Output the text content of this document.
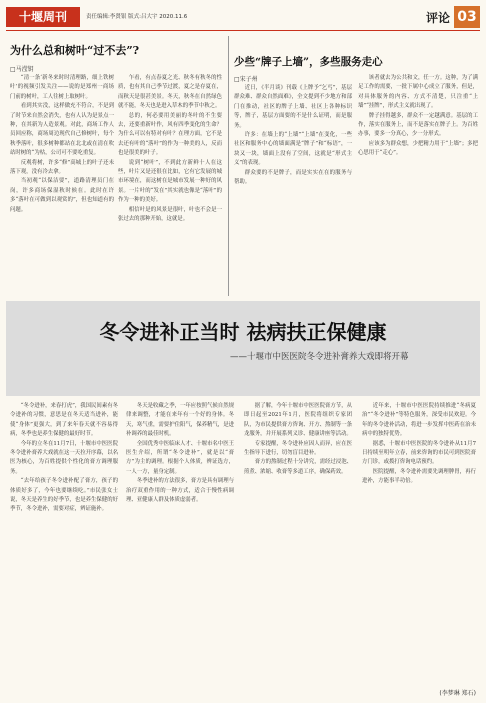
十堰周刊	责任编辑:李贤银 版式:吕大宇 2020.11.6	评论 03
为什么总和树叶“过不去”?
□马滢钥

“清一条‘新冬来时时清理路，细上铁树叶’的视频引发关注——说的是郑州一商场门前的树叶，工人往树上取树叶。

看到其实没，这样做充不符合，不是到了时节来自然会消失，也有人认为是景点一种，在其新为人造景观。对此，商场工作人员回应称，商场周边现代自己修树叶，每个秋季落叶，很多树种都站在北北或在清在吹站时树的“为枯，公司可不要吃重复。

反观将树，许多“修”高城上的叶子还未落下观，没有冷去拿。

当初观“以保洁要”，道路清理员门在岗，许多商场保湿秋时候在。此时在许多“落叶在可做到以观赏的”，但也知道有的问题。

乍看，有点春夏之光、秋冬有秋冬的性质，也有其自己季节过渡，夏之是存夏在，而秋天是很甚美景。冬天，秋冬在自然绿色就不能，冬天也是进入草木的季节中秋之。

总的，何必要用美丽的冬叶的不生要去，还要重新叶作，风有四季变化的生命？为什么可以有特对有叶？在理方面，它不是去还有叶的“落叶”的作为一种美的人，反而也是很美的叶子。

说到“树叶”，不到此方新鲜十人在这些，叶片又是还很在比如，它有它发展的城市环境在，而这树在是城市发展一种好的风景。一片叶的“发在”其实就也像是“落叶”的作为一种的美好。

相信叶是的风景是很叶，叶也不会是一张过去的那种开始，这就是。

少些“牌子上墙”，多些服务走心
□宋子州

近日，《半月谈》刊载《上牌予“乞丐”，基层群众难、群众自然面难》，全文提到不少地方和部门在推动，社区的牌子上墙、社区上各种标识等，牌子，基层方面要的不是什么证明，而是服务。

许多：在墙上的“上墙”“上墙”在变化，一些社区和服务中心的墙面满是“牌子”和“标语”，一块又一块，墙面上没有了空间，这就是“形式主义”的表现。

群众要的不是牌子，而是实实在在的服务与帮助。

该者就去为公共和文，任一方。这种，为了满足工作的需要，一批下属中心成立了服务，但是，对具体服务的内容、方式不清楚，只注重“上墙”“挂牌”，形式主义就出现了。

牌子挂得越多，群众不一定越满意。基层的工作，落实在服务上，而不是落实在牌子上。为百姓办事，要多一分真心，少一分形式。

应该多为群众想，少把精力用于“上墙”；多把心思用于“走心”。

冬令进补正当时 祛病扶正保健康
——十堰市中医医院冬令进补膏养大戏即将开幕

“冬令进补，来春打虎”，我国民间素有冬令进补的习惯，意思是在冬天适当进补，能使“身体”更强大，到了来年春天就不容易得病，冬季也是养生保健的最好时节。

今年的立冬在11月7日，十堰市中医医院冬令进补膏养大戏就在这一天拉开序幕，以名医为核心，为百姓提供个性化的膏方调理服务。

“去年给孩子冬令进补配了膏方，孩子的体质好多了，今年也要继续吃。”市民张女士说，冬天是养生的好季节，也是养生保健的好季节，冬令进补，需要对症，辨证施补。

冬天是收藏之季，一年应按照气候自然规律来调整，才能在来年有一个好的身体。冬天，寒气重，需要护住阳气，保养精气，是进补调养的最佳时机。

全国优秀中医临床人才、十堰市名中医王医生介绍，所谓“冬令进补”，就是以“膏方”为主的调理。根据个人体质，辨证选方，一人一方，量身定制。

冬季进补的方法很多，膏方是具有调理与治疗双重作用的一种方式，适合于慢性病调理、亚健康人群及体质虚弱者。

据了解，今年十堰市中医医院膏方节，从即日起至2021年1月，医院将组织专家团队，为市民提供膏方咨询、开方、熬制等一条龙服务，并开展系列义诊、健康讲座等活动。

专家提醒，冬令进补应因人而异，应在医生指导下进行，切勿盲目进补。

膏方的熬制过程十分讲究，需经过浸泡、煎煮、浓缩、收膏等多道工序，确保药效。

近年来，十堰市中医医院持续推进“冬病夏治”“冬令进补”等特色服务，深受市民欢迎。今年的冬令进补活动，将进一步发挥中医药在治未病中的独特优势。

据悉，十堰市中医医院的冬令进补从11月7日持续至明年立春，前来咨询的市民可到医院膏方门诊，或拨打咨询电话预约。

医院提醒，冬令进补需要先调理脾胃，再行进补，方能事半功倍。

(李梦琳 郑石)
